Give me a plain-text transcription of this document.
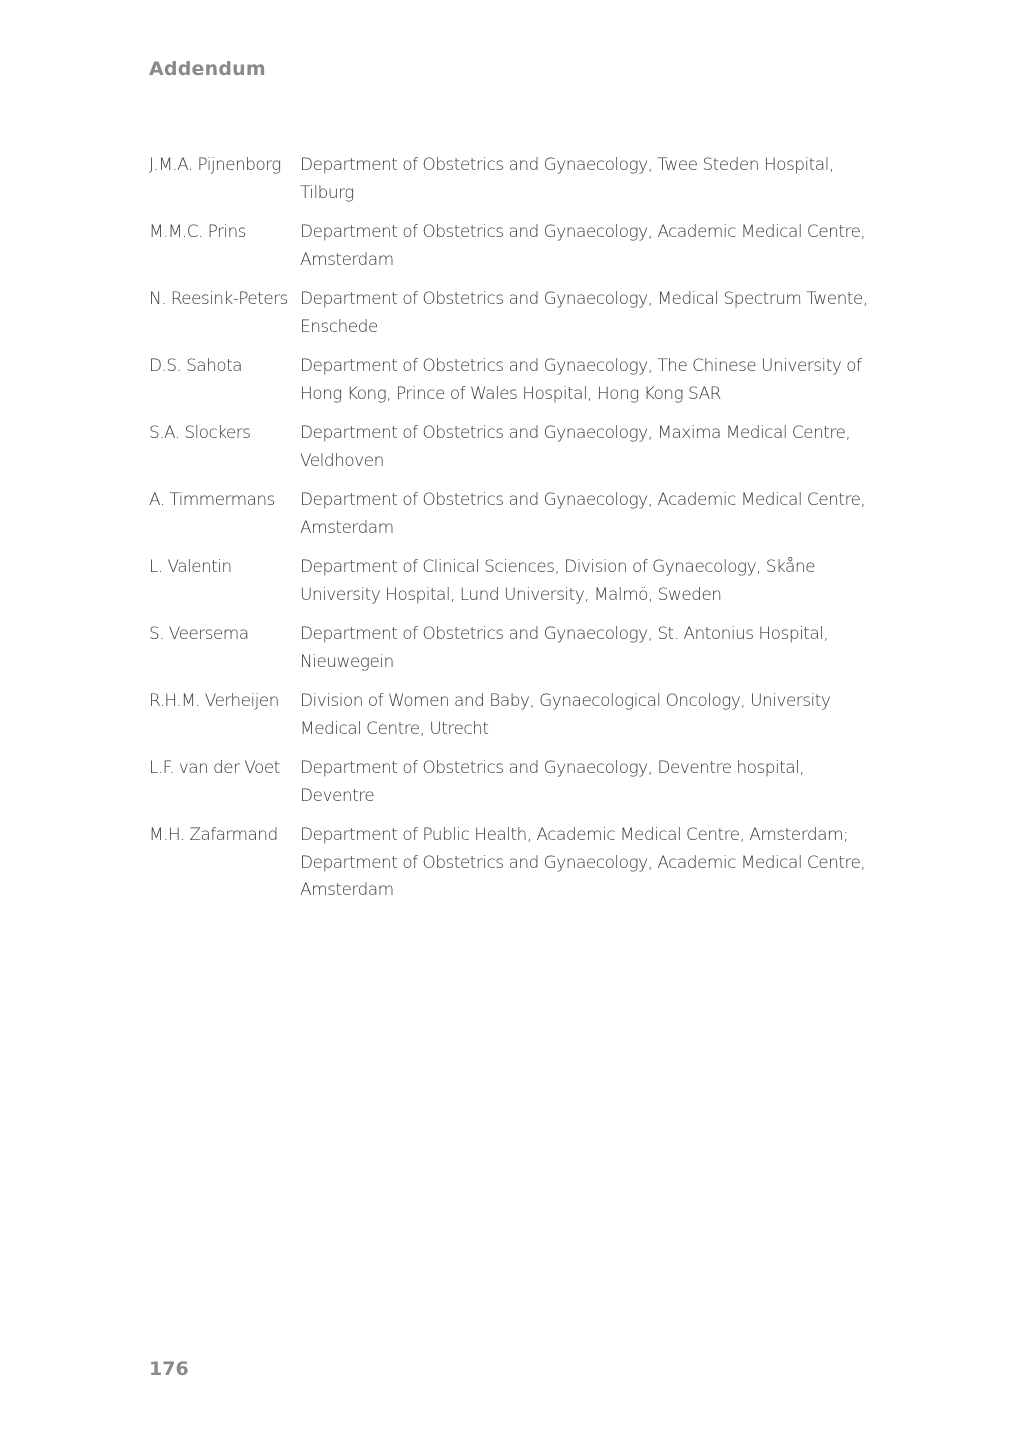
Addendum
J.M.A. Pijnenborg	Department of Obstetrics and Gynaecology, Twee Steden Hospital, Tilburg
M.M.C. Prins	Department of Obstetrics and Gynaecology, Academic Medical Centre, Amsterdam
N. Reesink-Peters Department of Obstetrics and Gynaecology, Medical Spectrum Twente, Enschede
D.S. Sahota	Department of Obstetrics and Gynaecology, The Chinese University of Hong Kong, Prince of Wales Hospital, Hong Kong SAR
S.A. Slockers	Department of Obstetrics and Gynaecology, Maxima Medical Centre, Veldhoven
A. Timmermans	Department of Obstetrics and Gynaecology, Academic Medical Centre, Amsterdam
L. Valentin	Department of Clinical Sciences, Division of Gynaecology, Skåne University Hospital, Lund University, Malmö, Sweden
S. Veersema	Department of Obstetrics and Gynaecology, St. Antonius Hospital, Nieuwegein
R.H.M. Verheijen	Division of Women and Baby, Gynaecological Oncology, University Medical Centre, Utrecht
L.F. van der Voet	Department of Obstetrics and Gynaecology, Deventre hospital, Deventre
M.H. Zafarmand	Department of Public Health, Academic Medical Centre, Amsterdam; Department of Obstetrics and Gynaecology, Academic Medical Centre, Amsterdam
176
